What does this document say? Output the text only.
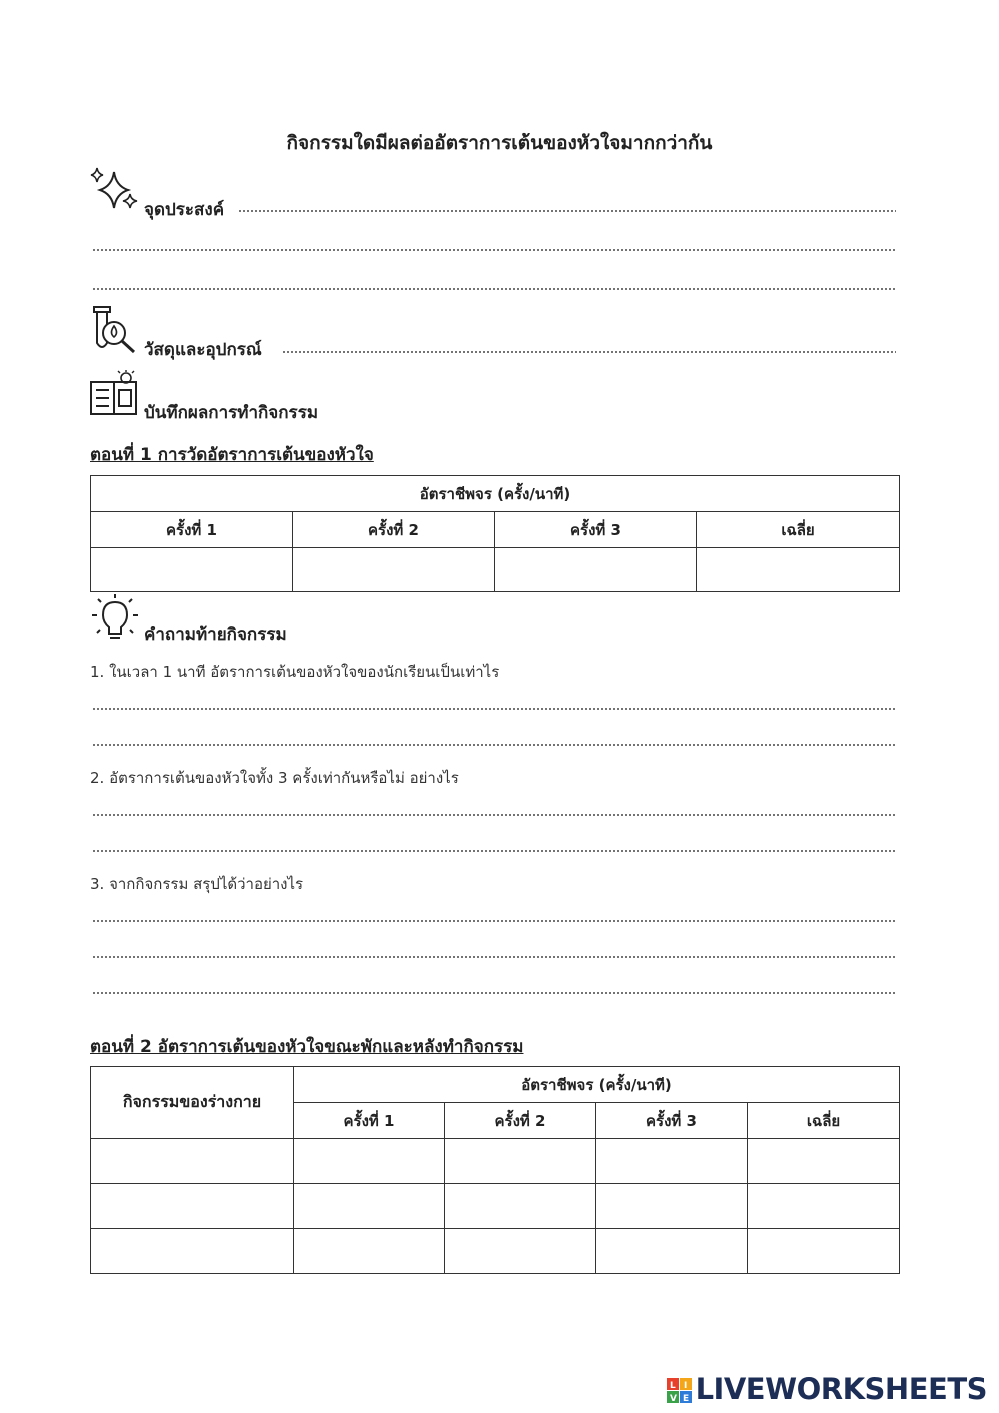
กิจกรรมใดมีผลต่ออัตราการเต้นของหัวใจมากกว่ากัน
จุดประสงค์
วัสดุและอุปกรณ์
บันทึกผลการทำกิจกรรม
ตอนที่ 1 การวัดอัตราการเต้นของหัวใจ
อัตราชีพจร (ครั้ง/นาที)			
ครั้งที่ 1	ครั้งที่ 2	ครั้งที่ 3	เฉลี่ย

คำถามท้ายกิจกรรม
1. ในเวลา 1 นาที อัตราการเต้นของหัวใจของนักเรียนเป็นเท่าไร
2. อัตราการเต้นของหัวใจทั้ง 3 ครั้งเท่ากันหรือไม่ อย่างไร
3. จากกิจกรรม สรุปได้ว่าอย่างไร
ตอนที่ 2 อัตราการเต้นของหัวใจขณะพักและหลังทำกิจกรรม
กิจกรรมของร่างกาย	อัตราชีพจร (ครั้ง/นาที)			
	ครั้งที่ 1	ครั้งที่ 2	ครั้งที่ 3	เฉลี่ย

L I
V E LIVEWORKSHEETS
